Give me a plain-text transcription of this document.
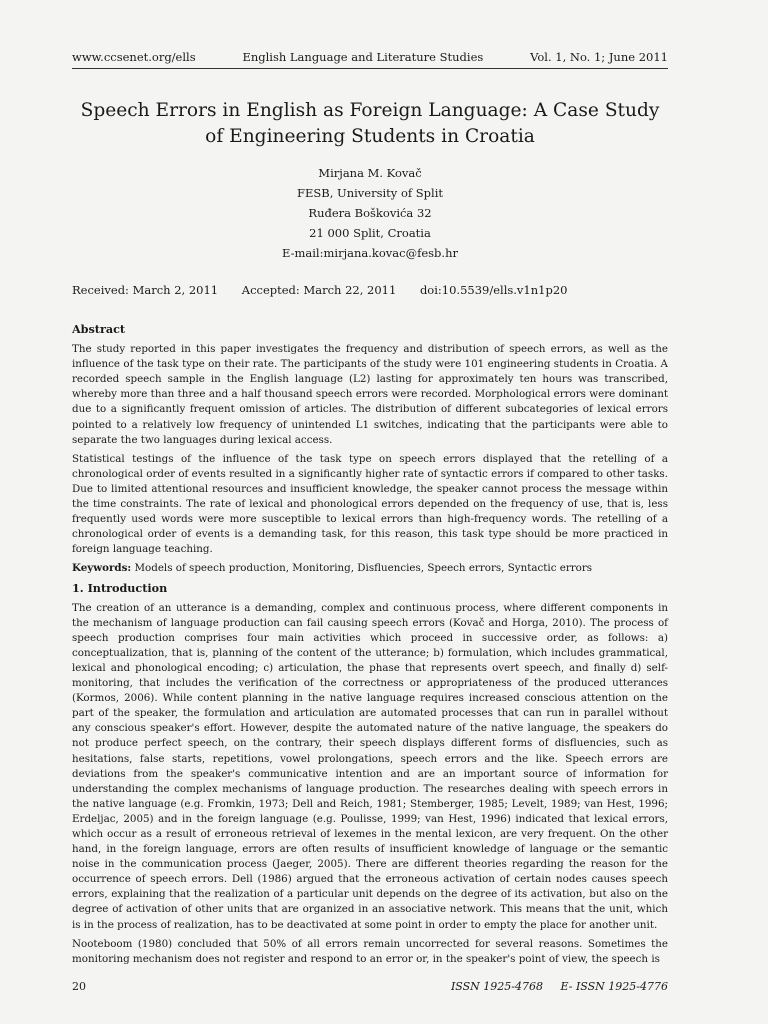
www.ccsenet.org/ells	English Language and Literature Studies	Vol. 1, No. 1; June 2011
Speech Errors in English as Foreign Language: A Case Study of Engineering Students in Croatia
Mirjana M. Kovač
FESB, University of Split
Ruđera Boškovića 32
21 000 Split, Croatia
E-mail:mirjana.kovac@fesb.hr
Received: March 2, 2011 Accepted: March 22, 2011 doi:10.5539/ells.v1n1p20
Abstract

The study reported in this paper investigates the frequency and distribution of speech errors, as well as the influence of the task type on their rate. The participants of the study were 101 engineering students in Croatia. A recorded speech sample in the English language (L2) lasting for approximately ten hours was transcribed, whereby more than three and a half thousand speech errors were recorded. Morphological errors were dominant due to a significantly frequent omission of articles. The distribution of different subcategories of lexical errors pointed to a relatively low frequency of unintended L1 switches, indicating that the participants were able to separate the two languages during lexical access.

Statistical testings of the influence of the task type on speech errors displayed that the retelling of a chronological order of events resulted in a significantly higher rate of syntactic errors if compared to other tasks. Due to limited attentional resources and insufficient knowledge, the speaker cannot process the message within the time constraints. The rate of lexical and phonological errors depended on the frequency of use, that is, less frequently used words were more susceptible to lexical errors than high-frequency words. The retelling of a chronological order of events is a demanding task, for this reason, this task type should be more practiced in foreign language teaching.

Keywords: Models of speech production, Monitoring, Disfluencies, Speech errors, Syntactic errors
1. Introduction

The creation of an utterance is a demanding, complex and continuous process, where different components in the mechanism of language production can fail causing speech errors (Kovač and Horga, 2010). The process of speech production comprises four main activities which proceed in successive order, as follows: a) conceptualization, that is, planning of the content of the utterance; b) formulation, which includes grammatical, lexical and phonological encoding; c) articulation, the phase that represents overt speech, and finally d) self-monitoring, that includes the verification of the correctness or appropriateness of the produced utterances (Kormos, 2006). While content planning in the native language requires increased conscious attention on the part of the speaker, the formulation and articulation are automated processes that can run in parallel without any conscious speaker's effort. However, despite the automated nature of the native language, the speakers do not produce perfect speech, on the contrary, their speech displays different forms of disfluencies, such as hesitations, false starts, repetitions, vowel prolongations, speech errors and the like. Speech errors are deviations from the speaker's communicative intention and are an important source of information for understanding the complex mechanisms of language production. The researches dealing with speech errors in the native language (e.g. Fromkin, 1973; Dell and Reich, 1981; Stemberger, 1985; Levelt, 1989; van Hest, 1996; Erdeljac, 2005) and in the foreign language (e.g. Poulisse, 1999; van Hest, 1996) indicated that lexical errors, which occur as a result of erroneous retrieval of lexemes in the mental lexicon, are very frequent. On the other hand, in the foreign language, errors are often results of insufficient knowledge of language or the semantic noise in the communication process (Jaeger, 2005). There are different theories regarding the reason for the occurrence of speech errors. Dell (1986) argued that the erroneous activation of certain nodes causes speech errors, explaining that the realization of a particular unit depends on the degree of its activation, but also on the degree of activation of other units that are organized in an associative network. This means that the unit, which is in the process of realization, has to be deactivated at some point in order to empty the place for another unit.

Nooteboom (1980) concluded that 50% of all errors remain uncorrected for several reasons. Sometimes the monitoring mechanism does not register and respond to an error or, in the speaker's point of view, the speech is

20	ISSN 1925-4768 E- ISSN 1925-4776
